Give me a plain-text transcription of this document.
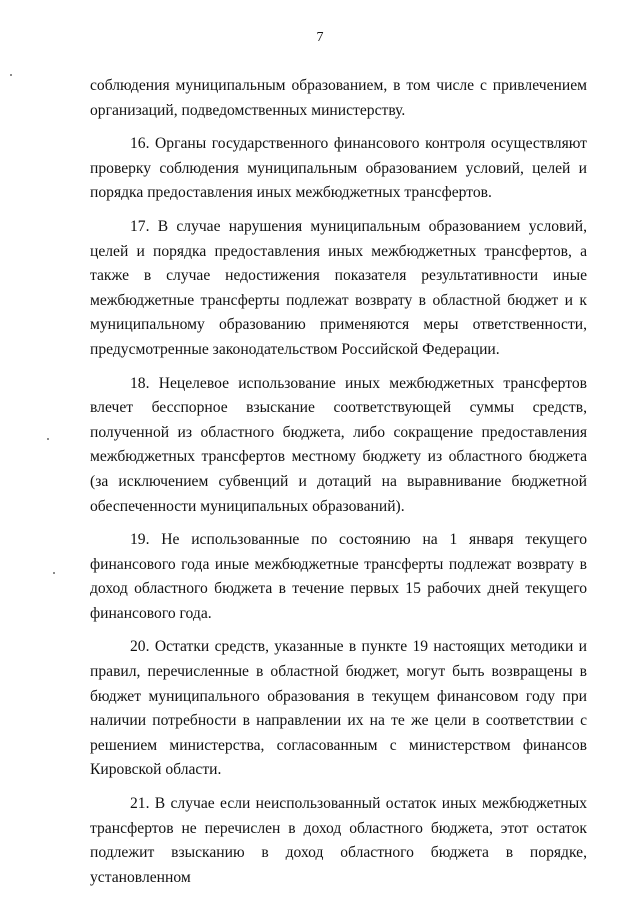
7

соблюдения муниципальным образованием, в том числе с привлечением организаций, подведомственных министерству.

16. Органы государственного финансового контроля осуществляют проверку соблюдения муниципальным образованием условий, целей и порядка предоставления иных межбюджетных трансфертов.

17. В случае нарушения муниципальным образованием условий, целей и порядка предоставления иных межбюджетных трансфертов, а также в случае недостижения показателя результативности иные межбюджетные трансферты подлежат возврату в областной бюджет и к муниципальному образованию применяются меры ответственности, предусмотренные законодательством Российской Федерации.

18. Нецелевое использование иных межбюджетных трансфертов влечет бесспорное взыскание соответствующей суммы средств, полученной из областного бюджета, либо сокращение предоставления межбюджетных трансфертов местному бюджету из областного бюджета (за исключением субвенций и дотаций на выравнивание бюджетной обеспеченности муниципальных образований).

19. Не использованные по состоянию на 1 января текущего финансового года иные межбюджетные трансферты подлежат возврату в доход областного бюджета в течение первых 15 рабочих дней текущего финансового года.

20. Остатки средств, указанные в пункте 19 настоящих методики и правил, перечисленные в областной бюджет, могут быть возвращены в бюджет муниципального образования в текущем финансовом году при наличии потребности в направлении их на те же цели в соответствии с решением министерства, согласованным с министерством финансов Кировской области.

21. В случае если неиспользованный остаток иных межбюджетных трансфертов не перечислен в доход областного бюджета, этот остаток подлежит взысканию в доход областного бюджета в порядке, установленном
